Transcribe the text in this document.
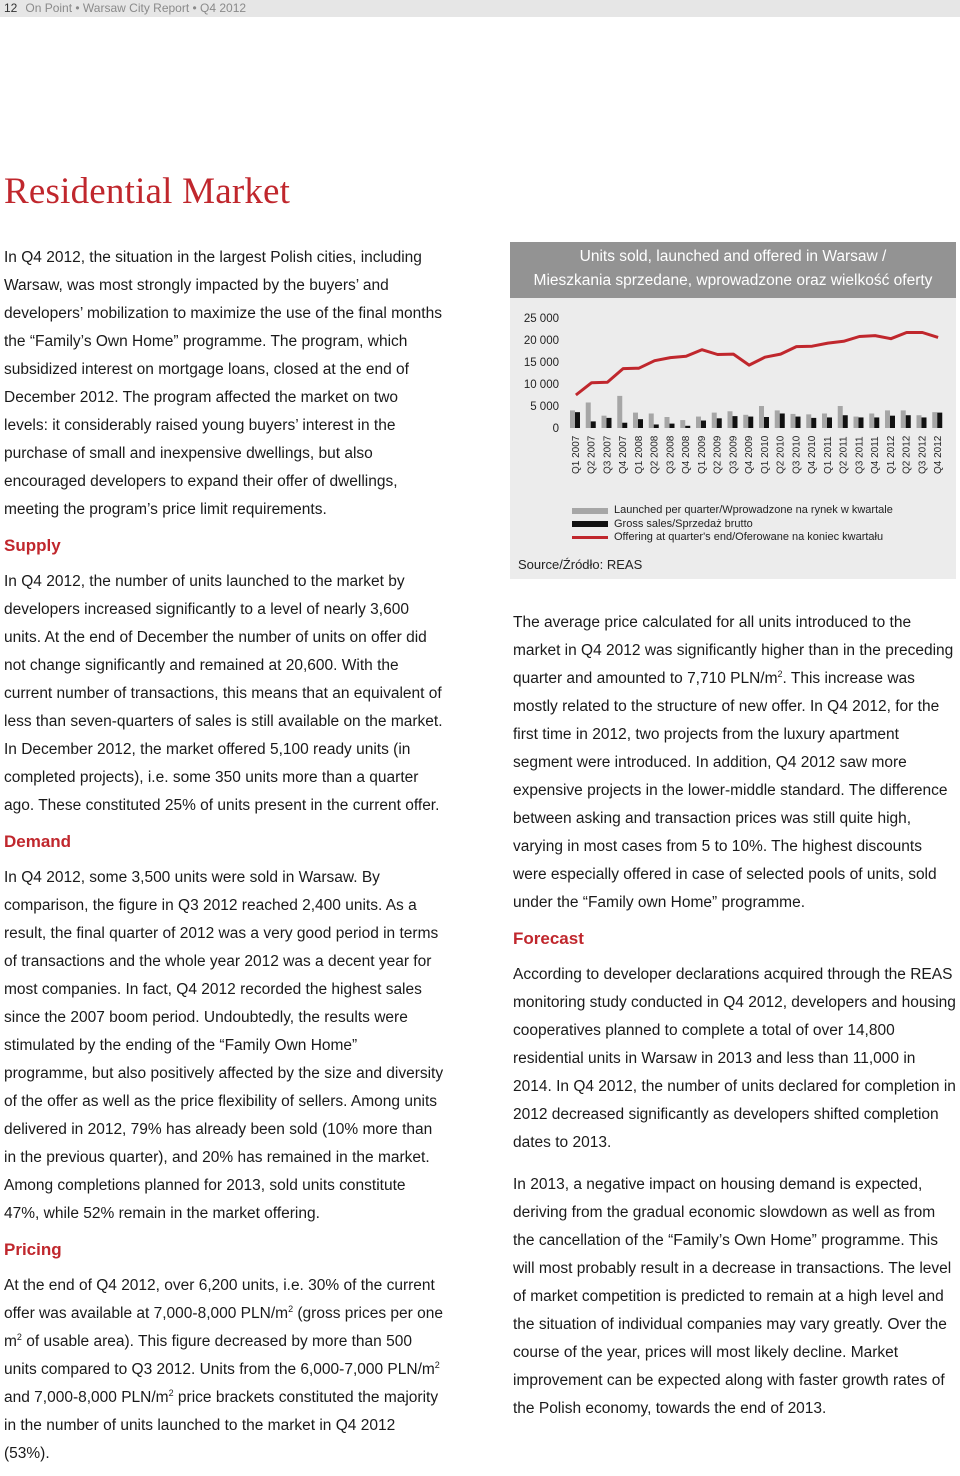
12 On Point • Warsaw City Report • Q4 2012
Residential Market

In Q4 2012, the situation in the largest Polish cities, including Warsaw, was most strongly impacted by the buyers’ and developers’ mobilization to maximize the use of the final months the “Family’s Own Home” programme. The program, which subsidized interest on mortgage loans, closed at the end of December 2012. The program affected the market on two levels: it considerably raised young buyers’ interest in the purchase of small and inexpensive dwellings, but also encouraged developers to expand their offer of dwellings, meeting the program’s price limit requirements.

Supply

In Q4 2012, the number of units launched to the market by developers increased significantly to a level of nearly 3,600 units. At the end of December the number of units on offer did not change significantly and remained at 20,600. With the current number of transactions, this means that an equivalent of less than seven-quarters of sales is still available on the market. In December 2012, the market offered 5,100 ready units (in completed projects), i.e. some 350 units more than a quarter ago. These constituted 25% of units present in the current offer.

Demand

In Q4 2012, some 3,500 units were sold in Warsaw. By comparison, the figure in Q3 2012 reached 2,400 units. As a result, the final quarter of 2012 was a very good period in terms of transactions and the whole year 2012 was a decent year for most companies. In fact, Q4 2012 recorded the highest sales since the 2007 boom period. Undoubtedly, the results were stimulated by the ending of the “Family Own Home” programme, but also positively affected by the size and diversity of the offer as well as the price flexibility of sellers. Among units delivered in 2012, 79% has already been sold (10% more than in the previous quarter), and 20% has remained in the market. Among completions planned for 2013, sold units constitute 47%, while 52% remain in the market offering.

Pricing

At the end of Q4 2012, over 6,200 units, i.e. 30% of the current offer was available at 7,000-8,000 PLN/$m^2$ (gross prices per one $m^2$ of usable area). This figure decreased by more than 500 units compared to Q3 2012. Units from the 6,000-7,000 PLN/$m^2$ and 7,000-8,000 PLN/$m^2$ price brackets constituted the majority in the number of units launched to the market in Q4 2012 (53%).

Units sold, launched and offered in Warsaw /
Mieszkania sprzedane, wprowadzone oraz wielkość oferty
25 000
20 000
15 000
10 000
5 000
0
Q1 2007 Q2 2007 Q3 2007 Q4 2007 Q1 2008 Q2 2008 Q3 2008 Q4 2008 Q1 2009 Q2 2009 Q3 2009 Q4 2009 Q1 2010 Q2 2010 Q3 2010 Q4 2010 Q1 2011 Q2 2011 Q3 2011 Q4 2011 Q1 2012 Q2 2012 Q3 2012 Q4 2012
Launched per quarter/Wprowadzone na rynek w kwartale
Gross sales/Sprzedaż brutto
Offering at quarter's end/Oferowane na koniec kwartału
Source/Źródło: REAS

The average price calculated for all units introduced to the market in Q4 2012 was significantly higher than in the preceding quarter and amounted to 7,710 PLN/$m^2$. This increase was mostly related to the structure of new offer. In Q4 2012, for the first time in 2012, two projects from the luxury apartment segment were introduced. In addition, Q4 2012 saw more expensive projects in the lower-middle standard. The difference between asking and transaction prices was still quite high, varying in most cases from 5 to 10%. The highest discounts were especially offered in case of selected pools of units, sold under the “Family own Home” programme.

Forecast

According to developer declarations acquired through the REAS monitoring study conducted in Q4 2012, developers and housing cooperatives planned to complete a total of over 14,800 residential units in Warsaw in 2013 and less than 11,000 in 2014. In Q4 2012, the number of units declared for completion in 2012 decreased significantly as developers shifted completion dates to 2013.

In 2013, a negative impact on housing demand is expected, deriving from the gradual economic slowdown as well as from the cancellation of the “Family’s Own Home” programme. This will most probably result in a decrease in transactions. The level of market competition is predicted to remain at a high level and the situation of individual companies may vary greatly. Over the course of the year, prices will most likely decline. Market improvement can be expected along with faster growth rates of the Polish economy, towards the end of 2013.
